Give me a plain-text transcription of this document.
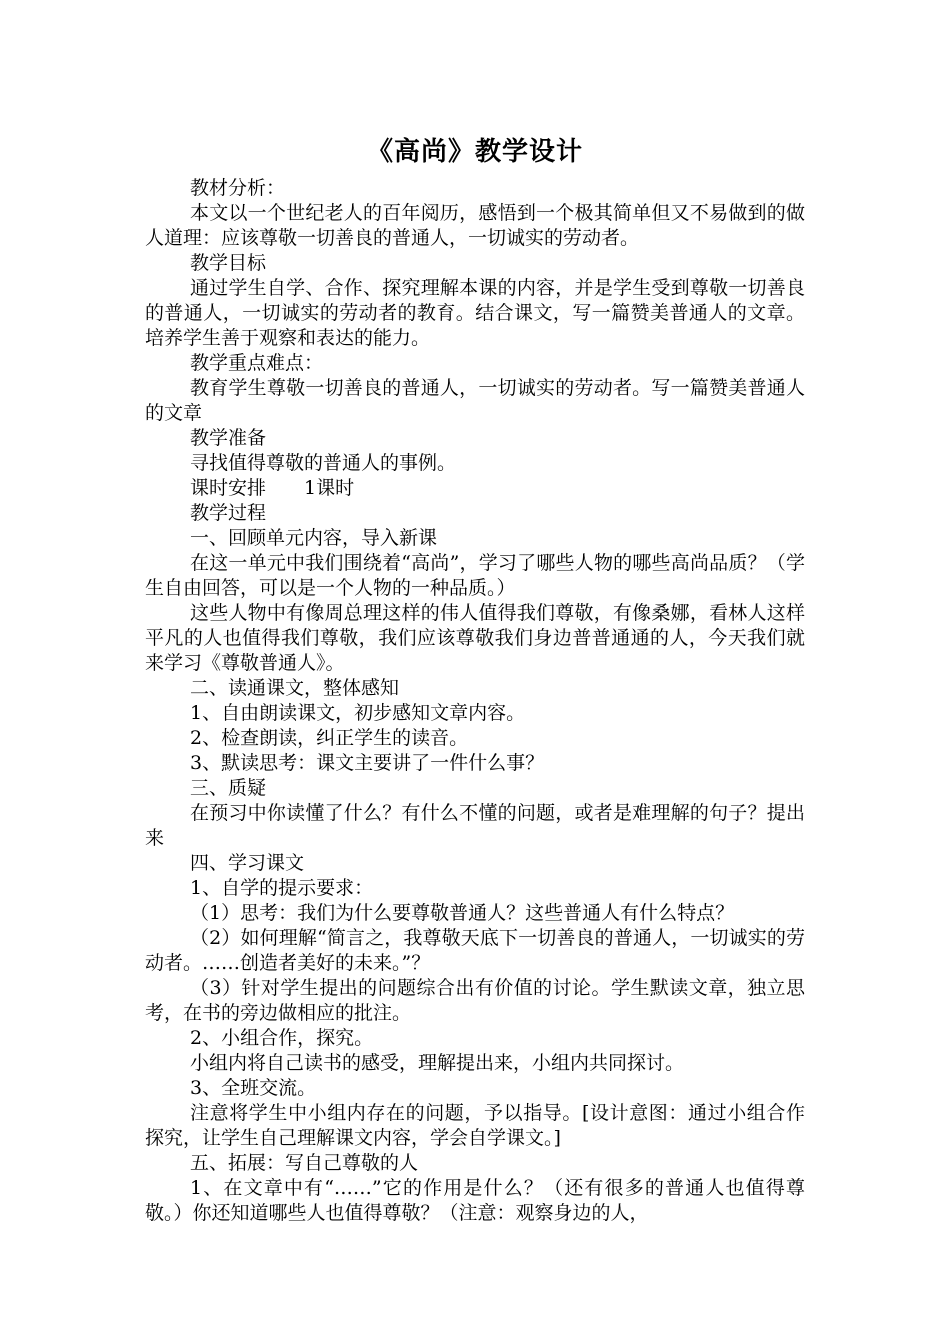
《高尚》教学设计

教材分析：

本文以一个世纪老人的百年阅历，感悟到一个极其简单但又不易做到的做人道理：应该尊敬一切善良的普通人，一切诚实的劳动者。

教学目标

通过学生自学、合作、探究理解本课的内容，并是学生受到尊敬一切善良的普通人，一切诚实的劳动者的教育。结合课文，写一篇赞美普通人的文章。培养学生善于观察和表达的能力。

教学重点难点：

教育学生尊敬一切善良的普通人，一切诚实的劳动者。写一篇赞美普通人的文章

教学准备

寻找值得尊敬的普通人的事例。

课时安排　　1课时

教学过程

一、回顾单元内容，导入新课

在这一单元中我们围绕着“高尚”，学习了哪些人物的哪些高尚品质？（学生自由回答，可以是一个人物的一种品质。）

这些人物中有像周总理这样的伟人值得我们尊敬，有像桑娜，看林人这样平凡的人也值得我们尊敬，我们应该尊敬我们身边普普通通的人，今天我们就来学习《尊敬普通人》。

二、读通课文，整体感知

1、自由朗读课文，初步感知文章内容。

2、检查朗读，纠正学生的读音。

3、默读思考：课文主要讲了一件什么事？

三、质疑

在预习中你读懂了什么？有什么不懂的问题，或者是难理解的句子？提出来

四、学习课文

1、自学的提示要求：

（1）思考：我们为什么要尊敬普通人？这些普通人有什么特点？

（2）如何理解“简言之，我尊敬天底下一切善良的普通人，一切诚实的劳动者。……创造者美好的未来。”？

（3）针对学生提出的问题综合出有价值的讨论。学生默读文章，独立思考，在书的旁边做相应的批注。

2、小组合作，探究。

小组内将自己读书的感受，理解提出来，小组内共同探讨。

3、全班交流。

注意将学生中小组内存在的问题，予以指导。[设计意图：通过小组合作探究，让学生自己理解课文内容，学会自学课文。]

五、拓展：写自己尊敬的人

1、在文章中有“……”它的作用是什么？（还有很多的普通人也值得尊敬。）你还知道哪些人也值得尊敬？（注意：观察身边的人，
